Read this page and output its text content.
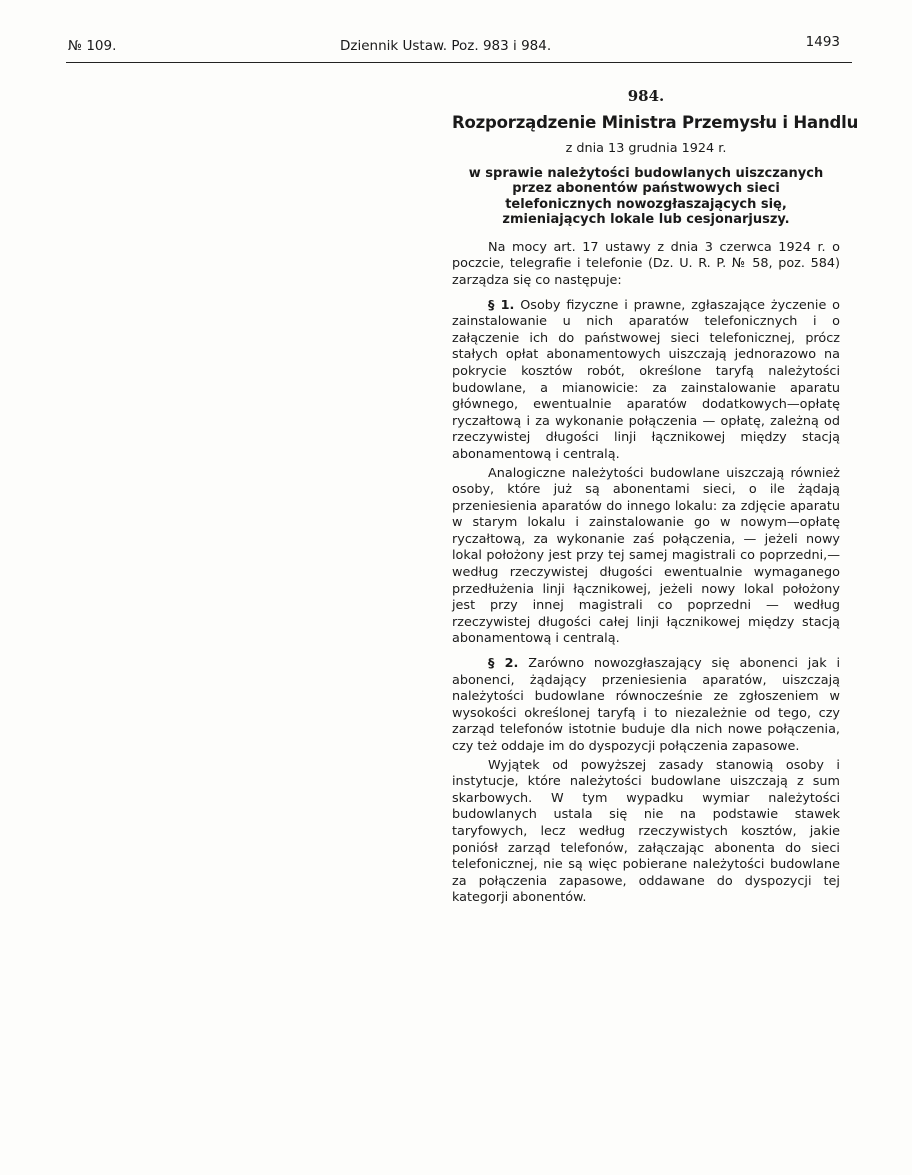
№ 109.	Dziennik Ustaw. Poz. 983 i 984.	1493
984.
Rozporządzenie Ministra Przemysłu i Handlu
z dnia 13 grudnia 1924 r.
w sprawie należytości budowlanych uiszczanych przez abonentów państwowych sieci telefonicznych nowozgłaszających się, zmieniających lokale lub cesjonarjuszy.

Na mocy art. 17 ustawy z dnia 3 czerwca 1924 r. o poczcie, telegrafie i telefonie (Dz. U. R. P. № 58, poz. 584) zarządza się co następuje:

§ 1. Osoby fizyczne i prawne, zgłaszające życzenie o zainstalowanie u nich aparatów telefonicznych i o załączenie ich do państwowej sieci telefonicznej, prócz stałych opłat abonamentowych uiszczają jednorazowo na pokrycie kosztów robót, określone taryfą należytości budowlane, a mianowicie: za zainstalowanie aparatu głównego, ewentualnie aparatów dodatkowych—opłatę ryczałtową i za wykonanie połączenia — opłatę, zależną od rzeczywistej długości linji łącznikowej między stacją abonamentową i centralą.

Analogiczne należytości budowlane uiszczają również osoby, które już są abonentami sieci, o ile żądają przeniesienia aparatów do innego lokalu: za zdjęcie aparatu w starym lokalu i zainstalowanie go w nowym—opłatę ryczałtową, za wykonanie zaś połączenia, — jeżeli nowy lokal położony jest przy tej samej magistrali co poprzedni,—według rzeczywistej długości ewentualnie wymaganego przedłużenia linji łącznikowej, jeżeli nowy lokal położony jest przy innej magistrali co poprzedni — według rzeczywistej długości całej linji łącznikowej między stacją abonamentową i centralą.

§ 2. Zarówno nowozgłaszający się abonenci jak i abonenci, żądający przeniesienia aparatów, uiszczają należytości budowlane równocześnie ze zgłoszeniem w wysokości określonej taryfą i to niezależnie od tego, czy zarząd telefonów istotnie buduje dla nich nowe połączenia, czy też oddaje im do dyspozycji połączenia zapasowe.

Wyjątek od powyższej zasady stanowią osoby i instytucje, które należytości budowlane uiszczają z sum skarbowych. W tym wypadku wymiar należytości budowlanych ustala się nie na podstawie stawek taryfowych, lecz według rzeczywistych kosztów, jakie poniósł zarząd telefonów, załączając abonenta do sieci telefonicznej, nie są więc pobierane należytości budowlane za połączenia zapasowe, oddawane do dyspozycji tej kategorji abonentów.
